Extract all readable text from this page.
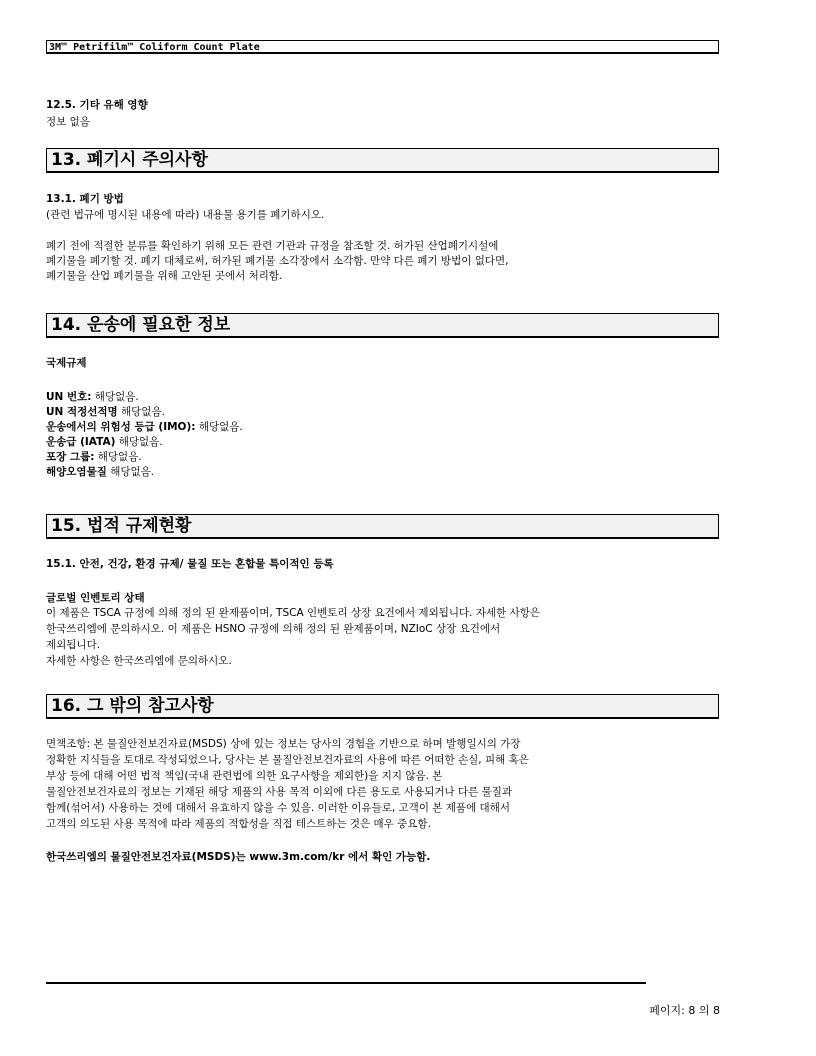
3M™ Petrifilm™ Coliform Count Plate
12.5. 기타 유해 영향
정보 없음
13. 폐기시 주의사항
13.1. 폐기 방법
(관련 법규에 명시된 내용에 따라) 내용물 용기를 폐기하시오.
폐기 전에 적절한 분류를 확인하기 위해 모든 관련 기관과 규정을 참조할 것. 허가된 산업폐기시설에
폐기물을 폐기할 것. 폐기 대체로써, 허가된 폐기물 소각장에서 소각함. 만약 다른 폐기 방법이 없다면,
폐기물을 산업 폐기물을 위해 고안된 곳에서 처리함.
14. 운송에 필요한 정보
국제규제
UN 번호: 해당없음.
UN 적정선적명 해당없음.
운송에서의 위험성 등급 (IMO): 해당없음.
운송급 (IATA) 해당없음.
포장 그룹: 해당없음.
해양오염물질 해당없음.
15. 법적 규제현황
15.1. 안전, 건강, 환경 규제/ 물질 또는 혼합물 특이적인 등록
글로벌 인벤토리 상태
이 제품은 TSCA 규정에 의해 정의 된 완제품이며, TSCA 인벤토리 상장 요건에서 제외됩니다. 자세한 사항은
한국쓰리엠에 문의하시오. 이 제품은 HSNO 규정에 의해 정의 된 완제품이며, NZIoC 상장 요건에서
제외됩니다.
자세한 사항은 한국쓰리엠에 문의하시오.
16. 그 밖의 참고사항
면책조항: 본 물질안전보건자료(MSDS) 상에 있는 정보는 당사의 경험을 기반으로 하며 발행일시의 가장
정확한 지식들을 토대로 작성되었으나, 당사는 본 물질안전보건자료의 사용에 따른 어떠한 손실, 피해 혹은
부상 등에 대해 어떤 법적 책임(국내 관련법에 의한 요구사항을 제외한)을 지지 않음. 본
물질안전보건자료의 정보는 기재된 해당 제품의 사용 목적 이외에 다른 용도로 사용되거나 다른 물질과
함께(섞어서) 사용하는 것에 대해서 유효하지 않을 수 있음. 이러한 이유들로, 고객이 본 제품에 대해서
고객의 의도된 사용 목적에 따라 제품의 적합성을 직접 테스트하는 것은 매우 중요함.
한국쓰리엠의 물질안전보건자료(MSDS)는 www.3m.com/kr 에서 확인 가능함.
페이지: 8 의 8
